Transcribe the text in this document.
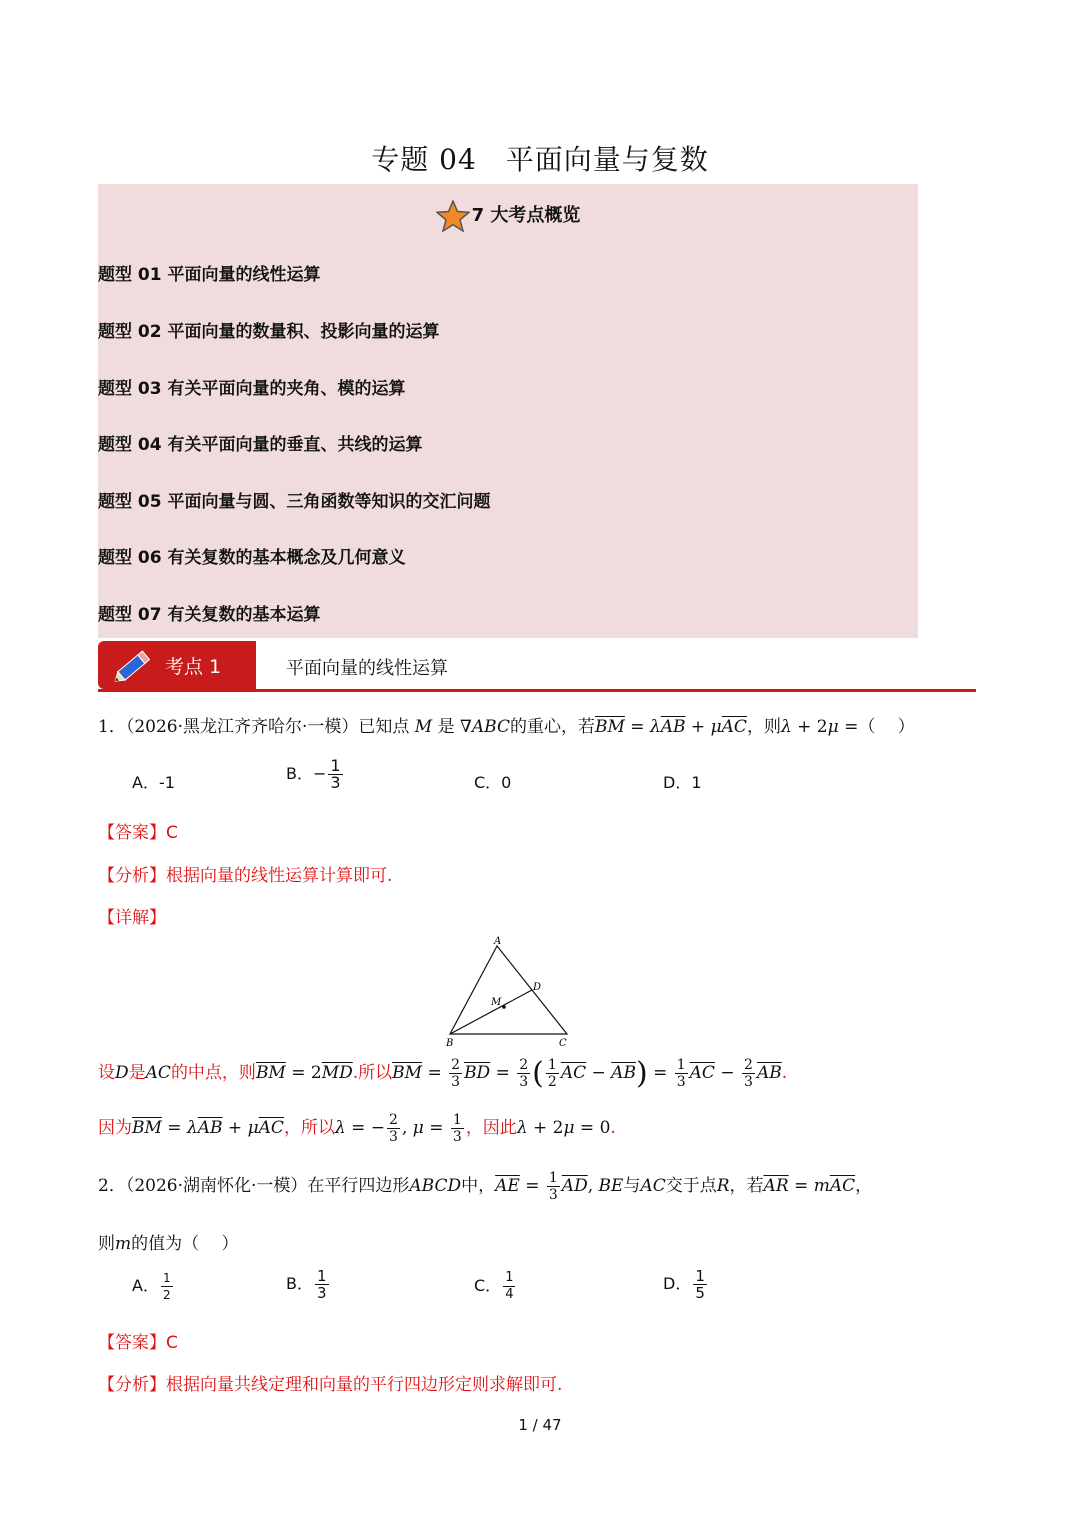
专题 04　平面向量与复数
7 大考点概览
题型 01 平面向量的线性运算
题型 02 平面向量的数量积、投影向量的运算
题型 03 有关平面向量的夹角、模的运算
题型 04 有关平面向量的垂直、共线的运算
题型 05 平面向量与圆、三角函数等知识的交汇问题
题型 06 有关复数的基本概念及几何意义
题型 07 有关复数的基本运算
考点 1	平面向量的线性运算
1．（2026·黑龙江齐齐哈尔·一模）已知点 M 是 ∇ABC的重心，若$\overline{BM} = \lambda\overline{AB} + \mu\overline{AC}$，则λ + 2μ =（　 ）
A．-1	B．− $\frac{1}{3}$	C．0	D．1
【答案】C
【分析】根据向量的线性运算计算即可.
【详解】
A
B	C
D
M
设D是AC的中点，则$\overline{BM} = 2\overline{MD}$.所以$\overline{BM} = \frac{2}{3} \overline{BD} = \frac{2}{3}$ ( $\frac{1}{2} \overline{AC} - \overline{AB}) = \frac{1}{3} \overline{AC} - \frac{2}{3} \overline{AB}$.
因为$\overline{BM} = \lambda\overline{AB} + \mu\overline{AC}$，所以λ = − $\frac{2}{3}$ , $\mu = \frac{1}{3}$ ，因此λ + 2μ = 0.
2．（2026·湖南怀化·一模）在平行四边形ABCD中，$\overline{AE} = \frac{1}{3} \overline{AD}$, BE与AC交于点R，若$\overline{AR} = m\overline{AC}$，
则m的值为（　 ）
A． $\frac{1}{2}$	B． $\frac{1}{3}$	C． $\frac{1}{4}$	D． $\frac{1}{5}$
【答案】C
【分析】根据向量共线定理和向量的平行四边形定则求解即可.
1 / 47
